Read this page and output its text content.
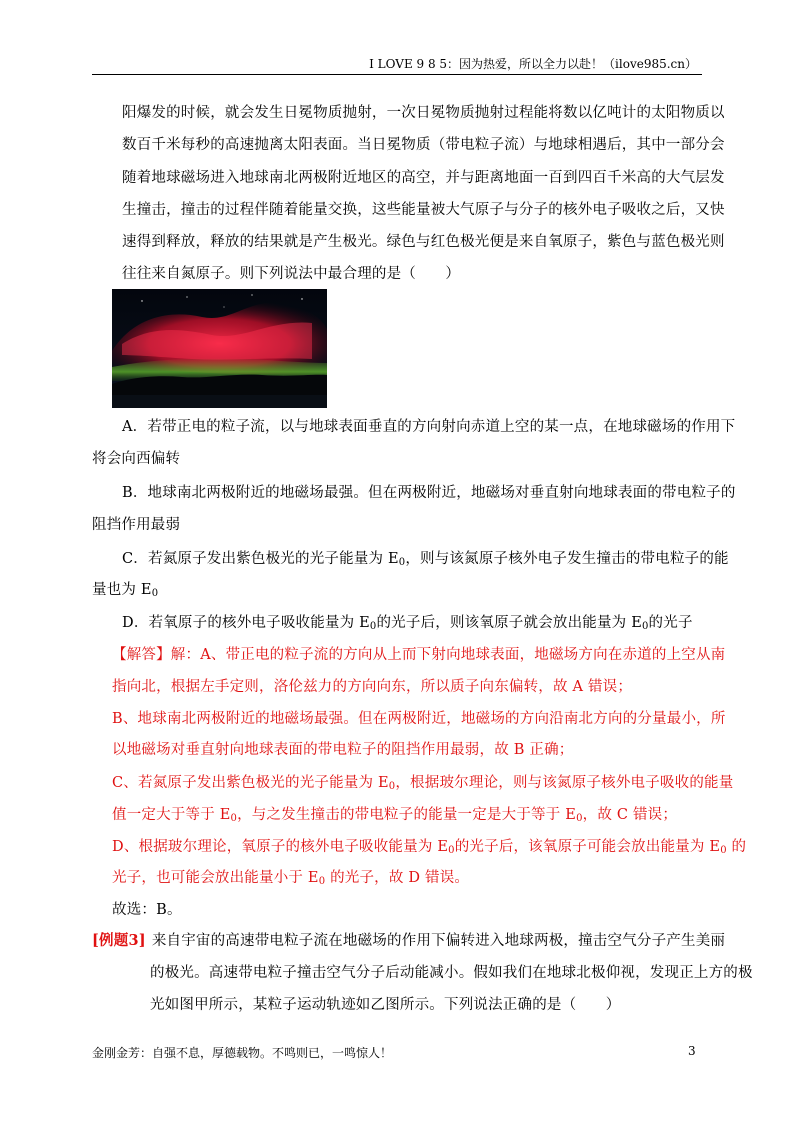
I LOVE 9 8 5：因为热爱，所以全力以赴！（ilove985.cn）
阳爆发的时候，就会发生日冕物质抛射，一次日冕物质抛射过程能将数以亿吨计的太阳物质以
数百千米每秒的高速抛离太阳表面。当日冕物质（带电粒子流）与地球相遇后，其中一部分会
随着地球磁场进入地球南北两极附近地区的高空，并与距离地面一百到四百千米高的大气层发
生撞击，撞击的过程伴随着能量交换，这些能量被大气原子与分子的核外电子吸收之后，又快
速得到释放，释放的结果就是产生极光。绿色与红色极光便是来自氧原子，紫色与蓝色极光则
往往来自氮原子。则下列说法中最合理的是（　　）
A．若带正电的粒子流，以与地球表面垂直的方向射向赤道上空的某一点，在地球磁场的作用下
将会向西偏转
B．地球南北两极附近的地磁场最强。但在两极附近，地磁场对垂直射向地球表面的带电粒子的
阻挡作用最弱
C．若氮原子发出紫色极光的光子能量为 $E_0$，则与该氮原子核外电子发生撞击的带电粒子的能
量也为 $E_0$
D．若氧原子的核外电子吸收能量为 $E_0$的光子后，则该氧原子就会放出能量为 $E_0$的光子
【解答】解：A、带正电的粒子流的方向从上而下射向地球表面，地磁场方向在赤道的上空从南
指向北，根据左手定则，洛伦兹力的方向向东，所以质子向东偏转，故 A 错误；
B、地球南北两极附近的地磁场最强。但在两极附近，地磁场的方向沿南北方向的分量最小，所
以地磁场对垂直射向地球表面的带电粒子的阻挡作用最弱，故 B 正确；
C、若氮原子发出紫色极光的光子能量为 $E_0$，根据玻尔理论，则与该氮原子核外电子吸收的能量
值一定大于等于 $E_0$，与之发生撞击的带电粒子的能量一定是大于等于 $E_0$，故 C 错误；
D、根据玻尔理论，氧原子的核外电子吸收能量为 $E_0$的光子后，该氧原子可能会放出能量为 $E_0$ 的
光子，也可能会放出能量小于 $E_0$ 的光子，故 D 错误。
故选：B。
[例题3] 来自宇宙的高速带电粒子流在地磁场的作用下偏转进入地球两极，撞击空气分子产生美丽
的极光。高速带电粒子撞击空气分子后动能减小。假如我们在地球北极仰视，发现正上方的极
光如图甲所示，某粒子运动轨迹如乙图所示。下列说法正确的是（　　）
金刚金芳：自强不息，厚德载物。不鸣则已，一鸣惊人！	3
